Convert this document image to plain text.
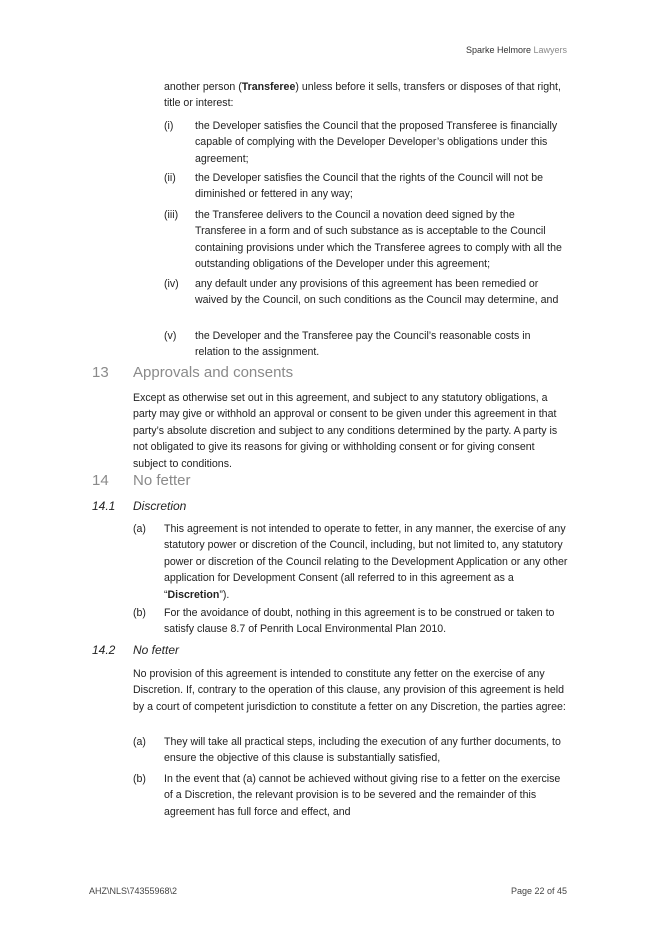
Sparke Helmore Lawyers

another person (Transferee) unless before it sells, transfers or disposes of that right, title or interest:

(i) the Developer satisfies the Council that the proposed Transferee is financially capable of complying with the Developer Developer’s obligations under this agreement;

(ii) the Developer satisfies the Council that the rights of the Council will not be diminished or fettered in any way;

(iii) the Transferee delivers to the Council a novation deed signed by the Transferee in a form and of such substance as is acceptable to the Council containing provisions under which the Transferee agrees to comply with all the outstanding obligations of the Developer under this agreement;

(iv) any default under any provisions of this agreement has been remedied or waived by the Council, on such conditions as the Council may determine, and

(v) the Developer and the Transferee pay the Council’s reasonable costs in relation to the assignment.

13 Approvals and consents

Except as otherwise set out in this agreement, and subject to any statutory obligations, a party may give or withhold an approval or consent to be given under this agreement in that party’s absolute discretion and subject to any conditions determined by the party. A party is not obligated to give its reasons for giving or withholding consent or for giving consent subject to conditions.

14 No fetter
14.1 Discretion
(a) This agreement is not intended to operate to fetter, in any manner, the exercise of any statutory power or discretion of the Council, including, but not limited to, any statutory power or discretion of the Council relating to the Development Application or any other application for Development Consent (all referred to in this agreement as a “Discretion”).

(b) For the avoidance of doubt, nothing in this agreement is to be construed or taken to satisfy clause 8.7 of Penrith Local Environmental Plan 2010.

14.2 No fetter

No provision of this agreement is intended to constitute any fetter on the exercise of any Discretion. If, contrary to the operation of this clause, any provision of this agreement is held by a court of competent jurisdiction to constitute a fetter on any Discretion, the parties agree:

(a) They will take all practical steps, including the execution of any further documents, to ensure the objective of this clause is substantially satisfied,

(b) In the event that (a) cannot be achieved without giving rise to a fetter on the exercise of a Discretion, the relevant provision is to be severed and the remainder of this agreement has full force and effect, and

AHZ\NLS\74355968\2	Page 22 of 45
